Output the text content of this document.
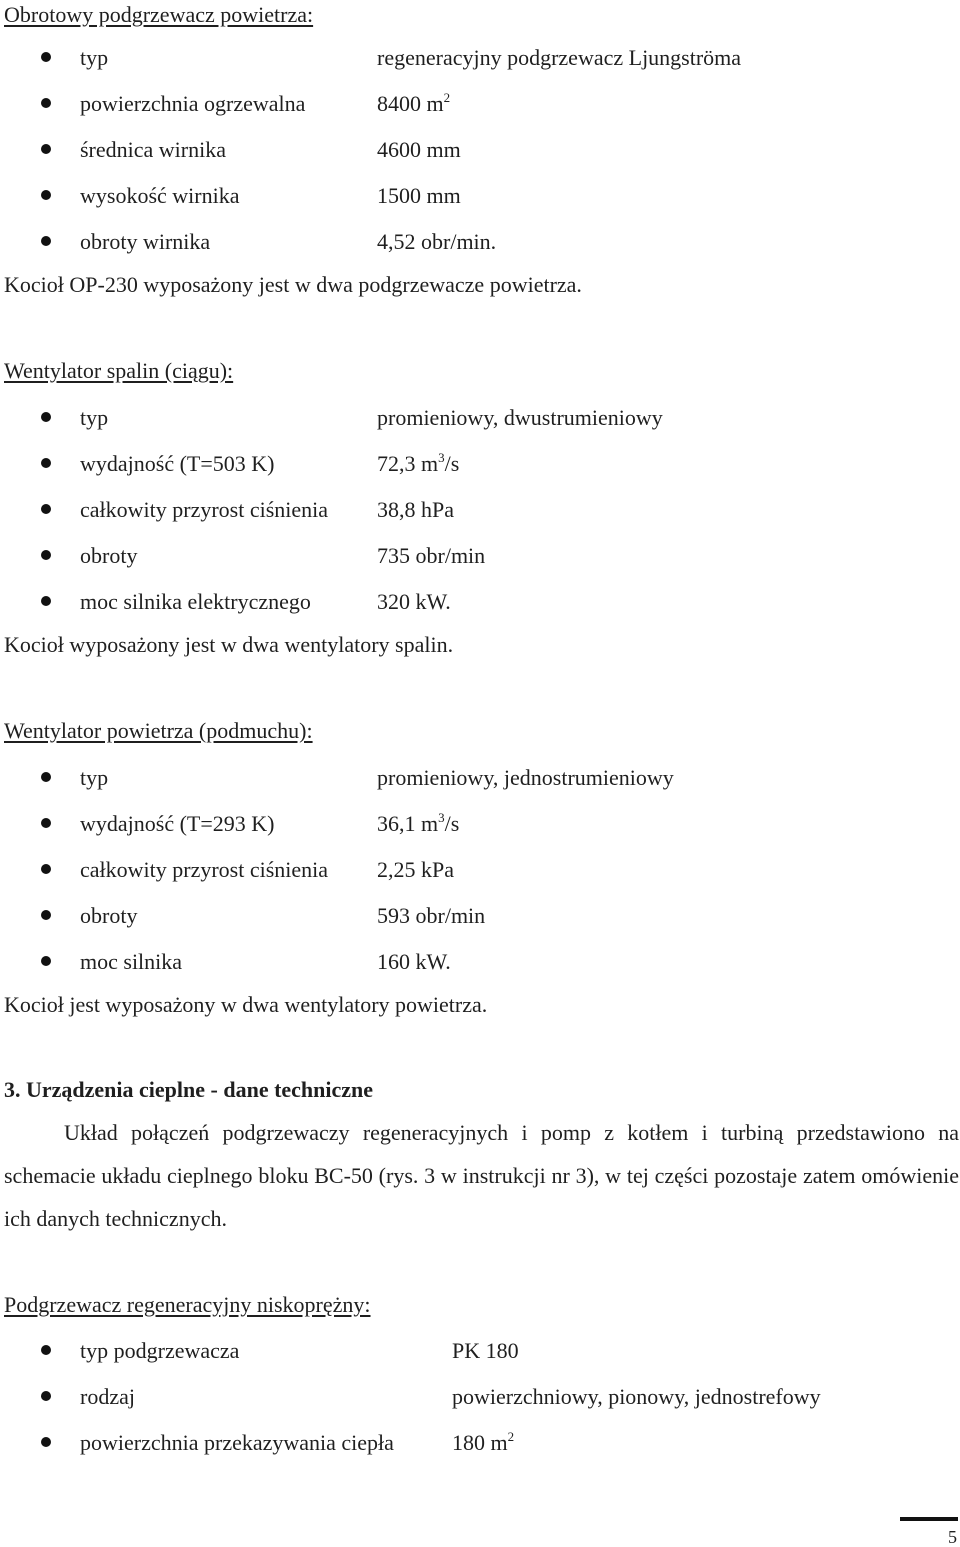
Obrotowy podgrzewacz powietrza:
typ	regeneracyjny podgrzewacz Ljungströma
powierzchnia ogrzewalna	8400 $m^2$
średnica wirnika	4600 mm
wysokość wirnika	1500 mm
obroty wirnika	4,52 obr/min.
Kocioł OP-230 wyposażony jest w dwa podgrzewacze powietrza.
Wentylator spalin (ciągu):
typ	promieniowy, dwustrumieniowy
wydajność (T=503 K)	72,3 $m^3/s$
całkowity przyrost ciśnienia 38,8 hPa
obroty	735 obr/min
moc silnika elektrycznego	320 kW.
Kocioł wyposażony jest w dwa wentylatory spalin.
Wentylator powietrza (podmuchu):
typ	promieniowy, jednostrumieniowy
wydajność (T=293 K)	36,1 $m^3/s$
całkowity przyrost ciśnienia 2,25 kPa
obroty	593 obr/min
moc silnika	160 kW.
Kocioł jest wyposażony w dwa wentylatory powietrza.
3. Urządzenia cieplne - dane techniczne
Układ połączeń podgrzewaczy regeneracyjnych i pomp z kotłem i turbiną przedstawiono na schemacie układu cieplnego bloku BC-50 (rys. 3 w instrukcji nr 3), w tej części pozostaje zatem omówienie ich danych technicznych.
Podgrzewacz regeneracyjny niskoprężny:
typ podgrzewacza	PK 180
rodzaj	powierzchniowy, pionowy, jednostrefowy
powierzchnia przekazywania ciepła	180 $m^2$
5
